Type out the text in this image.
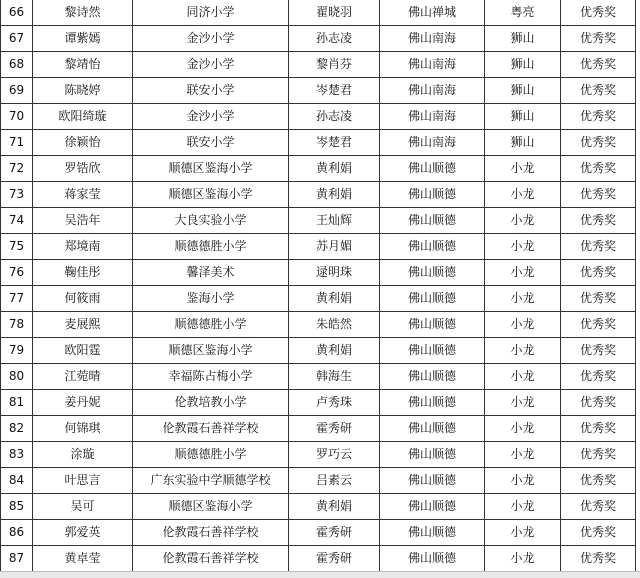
66	黎诗然	同济小学	翟晓羽	佛山禅城	粤亮	优秀奖
67	谭紫嫣	金沙小学	孙志凌	佛山南海	狮山	优秀奖
68	黎靖怡	金沙小学	黎肖芬	佛山南海	狮山	优秀奖
69	陈晓婷	联安小学	岑楚君	佛山南海	狮山	优秀奖
70	欧阳绮璇	金沙小学	孙志凌	佛山南海	狮山	优秀奖
71	徐颖怡	联安小学	岑楚君	佛山南海	狮山	优秀奖
72	罗锆欣	顺德区鉴海小学	黄利娟	佛山顺德	小龙	优秀奖
73	蒋家莹	顺德区鉴海小学	黄利娟	佛山顺德	小龙	优秀奖
74	吴浩年	大良实验小学	王灿辉	佛山顺德	小龙	优秀奖
75	郑境南	顺德德胜小学	苏月媚	佛山顺德	小龙	优秀奖
76	鞠佳彤	馨泽美术	逯明珠	佛山顺德	小龙	优秀奖
77	何筱雨	鉴海小学	黄利娟	佛山顺德	小龙	优秀奖
78	麦展熙	顺德德胜小学	朱皓然	佛山顺德	小龙	优秀奖
79	欧阳霆	顺德区鉴海小学	黄利娟	佛山顺德	小龙	优秀奖
80	江菀晴	幸福陈占梅小学	韩海生	佛山顺德	小龙	优秀奖
81	姜丹妮	伦教培教小学	卢秀珠	佛山顺德	小龙	优秀奖
82	何锦琪	伦教霞石善祥学校	霍秀研	佛山顺德	小龙	优秀奖
83	涂璇	顺德德胜小学	罗巧云	佛山顺德	小龙	优秀奖
84	叶思言	广东实验中学顺德学校	吕素云	佛山顺德	小龙	优秀奖
85	吴可	顺德区鉴海小学	黄利娟	佛山顺德	小龙	优秀奖
86	郭爱英	伦教霞石善祥学校	霍秀研	佛山顺德	小龙	优秀奖
87	黄卓莹	伦教霞石善祥学校	霍秀研	佛山顺德	小龙	优秀奖
